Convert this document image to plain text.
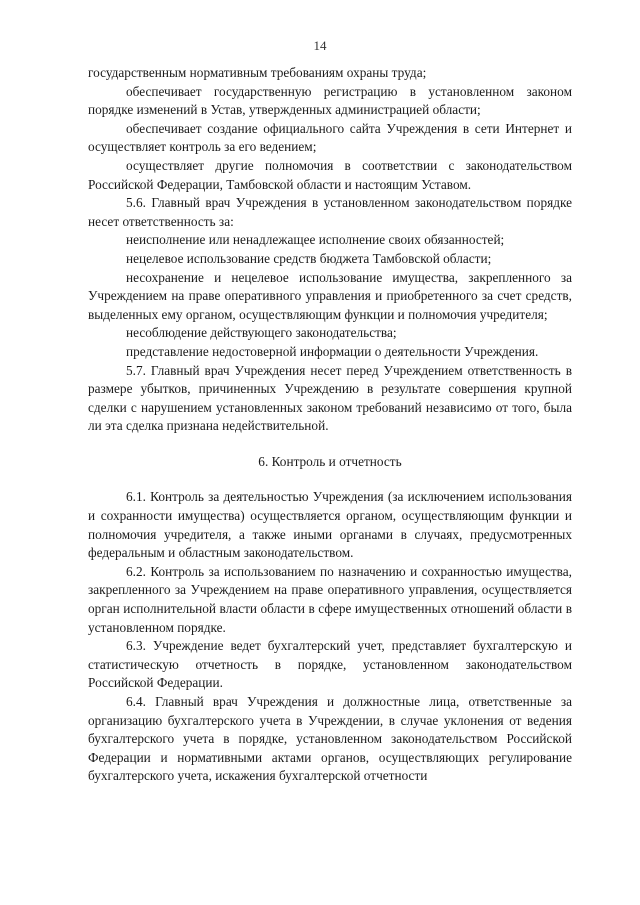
14

государственным нормативным требованиям охраны труда;

обеспечивает государственную регистрацию в установленном законом порядке изменений в Устав, утвержденных администрацией области;

обеспечивает создание официального сайта Учреждения в сети Интернет и осуществляет контроль за его ведением;

осуществляет другие полномочия в соответствии с законодательством Российской Федерации, Тамбовской области и настоящим Уставом.

5.6. Главный врач Учреждения в установленном законодательством порядке несет ответственность за:

неисполнение или ненадлежащее исполнение своих обязанностей;

нецелевое использование средств бюджета Тамбовской области;

несохранение и нецелевое использование имущества, закрепленного за Учреждением на праве оперативного управления и приобретенного за счет средств, выделенных ему органом, осуществляющим функции и полномочия учредителя;

несоблюдение действующего законодательства;

представление недостоверной информации о деятельности Учреждения.

5.7. Главный врач Учреждения несет перед Учреждением ответственность в размере убытков, причиненных Учреждению в результате совершения крупной сделки с нарушением установленных законом требований независимо от того, была ли эта сделка признана недействительной.

6. Контроль и отчетность

6.1. Контроль за деятельностью Учреждения (за исключением использования и сохранности имущества) осуществляется органом, осуществляющим функции и полномочия учредителя, а также иными органами в случаях, предусмотренных федеральным и областным законодательством.

6.2. Контроль за использованием по назначению и сохранностью имущества, закрепленного за Учреждением на праве оперативного управления, осуществляется орган исполнительной власти области в сфере имущественных отношений области в установленном порядке.

6.3. Учреждение ведет бухгалтерский учет, представляет бухгалтерскую и статистическую отчетность в порядке, установленном законодательством Российской Федерации.

6.4. Главный врач Учреждения и должностные лица, ответственные за организацию бухгалтерского учета в Учреждении, в случае уклонения от ведения бухгалтерского учета в порядке, установленном законодательством Российской Федерации и нормативными актами органов, осуществляющих регулирование бухгалтерского учета, искажения бухгалтерской отчетности
